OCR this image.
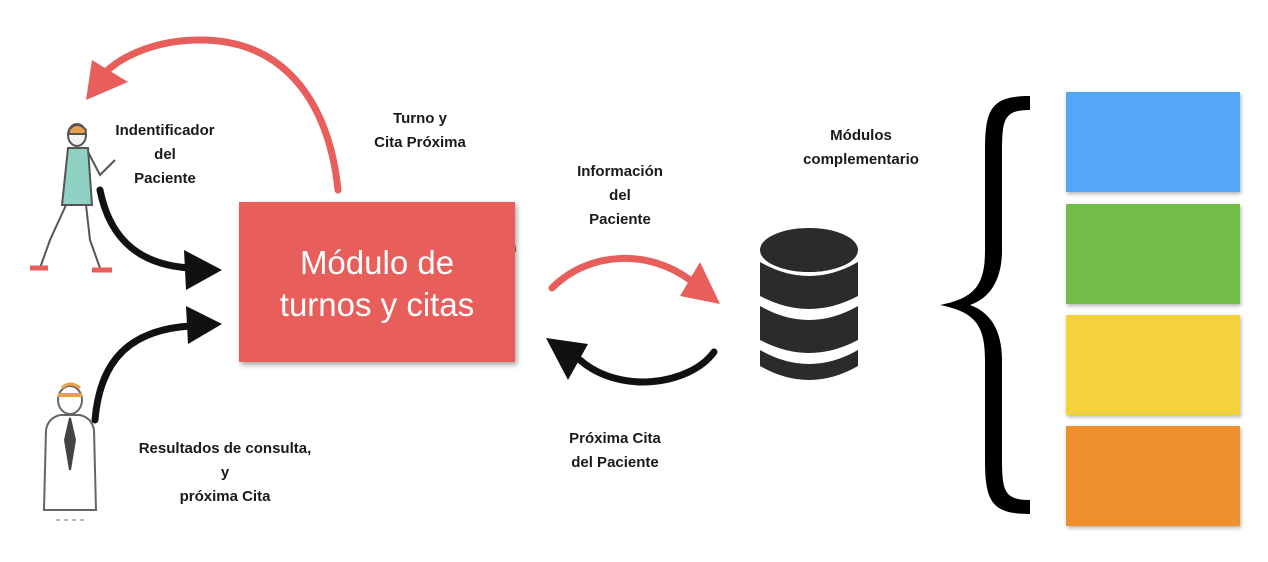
Indentificador
del
Paciente
Turno y
Cita Próxima
Módulo de
turnos y citas
Información
del
Paciente
Próxima Cita
del Paciente
Módulos
complementario
Resultados de consulta,
y
próxima Cita
